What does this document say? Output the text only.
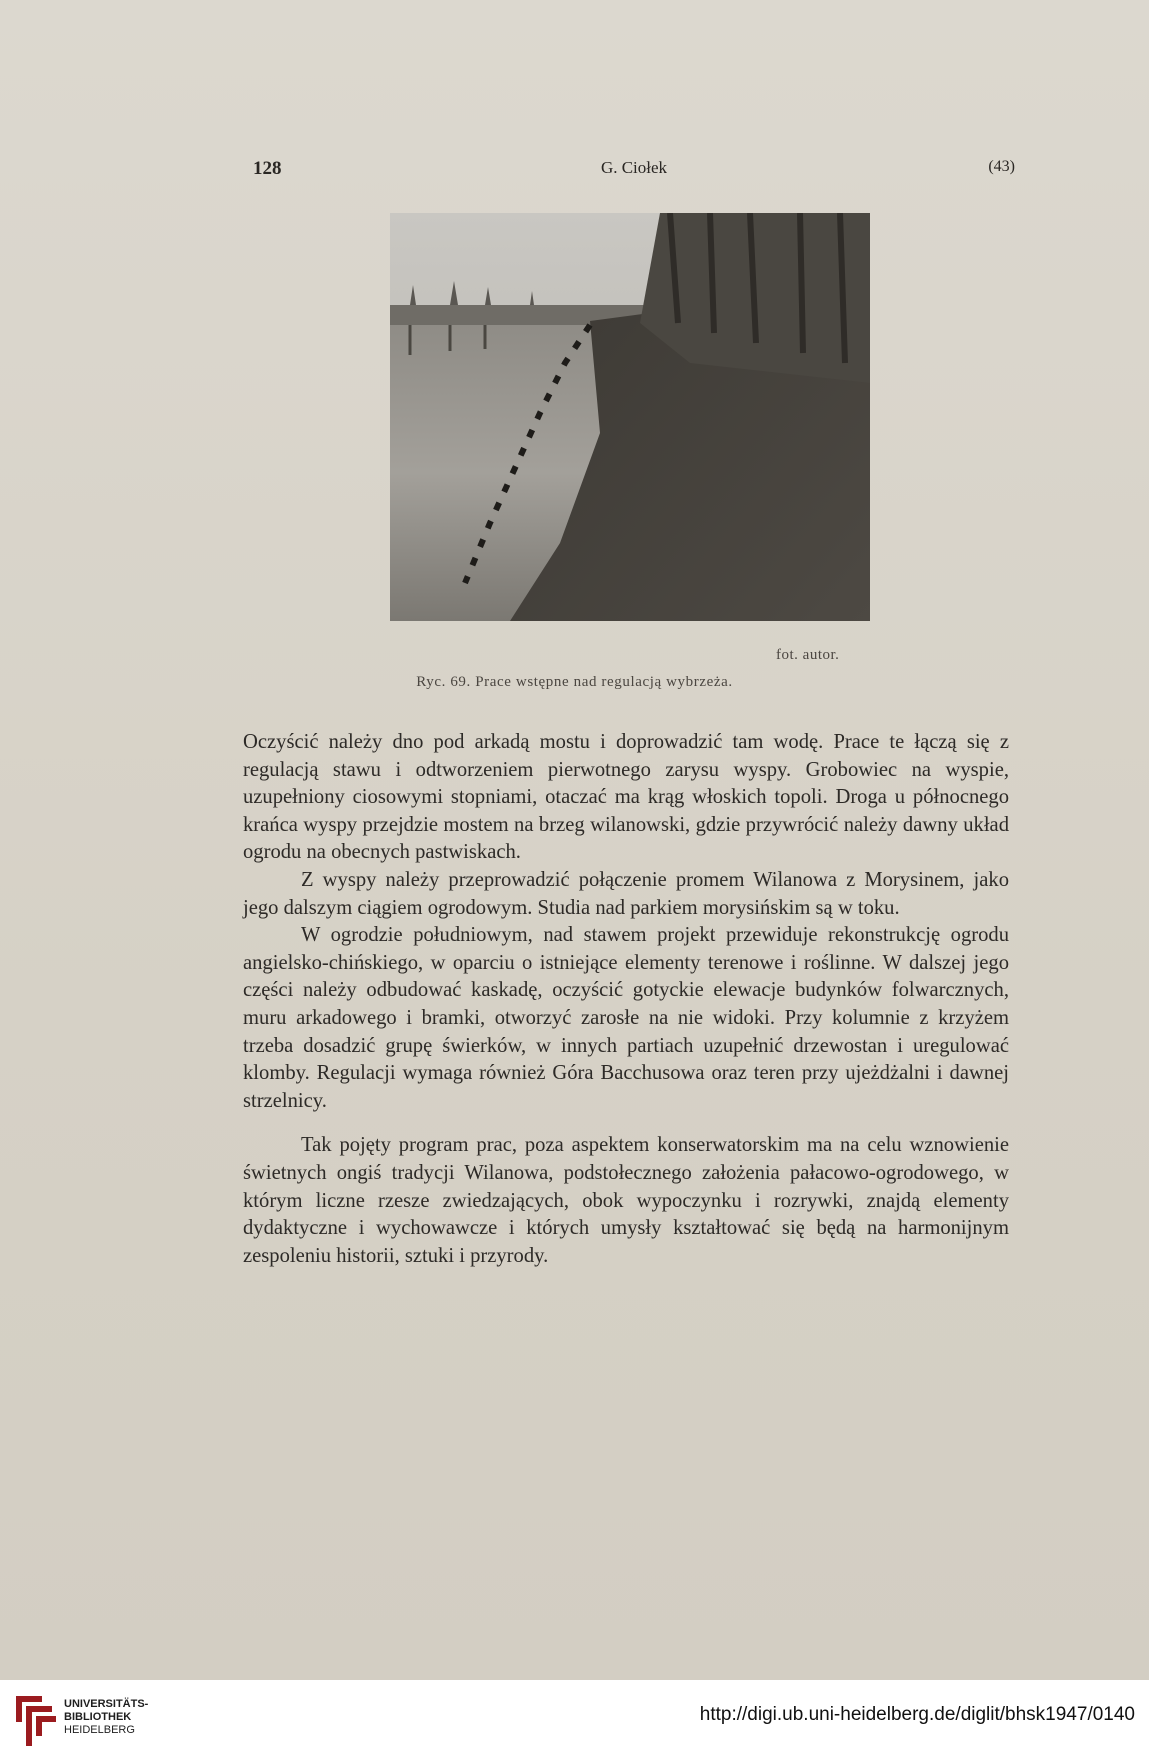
128	G. Ciołek	(43)
fot. autor.
Ryc. 69. Prace wstępne nad regulacją wybrzeża.

Oczyścić należy dno pod arkadą mostu i doprowadzić tam wodę. Prace te łączą się z regulacją stawu i odtworzeniem pierwotnego zarysu wyspy. Grobowiec na wyspie, uzupełniony ciosowymi stopniami, otaczać ma krąg włoskich topoli. Droga u północnego krańca wyspy przejdzie mostem na brzeg wilanowski, gdzie przywrócić należy dawny układ ogrodu na obecnych pastwiskach.

Z wyspy należy przeprowadzić połączenie promem Wilanowa z Morysinem, jako jego dalszym ciągiem ogrodowym. Studia nad parkiem morysińskim są w toku.

W ogrodzie południowym, nad stawem projekt przewiduje rekonstrukcję ogrodu angielsko-chińskiego, w oparciu o istniejące elementy terenowe i roślinne. W dalszej jego części należy odbudować kaskadę, oczyścić gotyckie elewacje budynków folwarcznych, muru arkadowego i bramki, otworzyć zarosłe na nie widoki. Przy kolumnie z krzyżem trzeba dosadzić grupę świerków, w innych partiach uzupełnić drzewostan i uregulować klomby. Regulacji wymaga również Góra Bacchusowa oraz teren przy ujeżdżalni i dawnej strzelnicy.

Tak pojęty program prac, poza aspektem konserwatorskim ma na celu wznowienie świetnych ongiś tradycji Wilanowa, podstołecznego założenia pałacowo-ogrodowego, w którym liczne rzesze zwiedzających, obok wypoczynku i rozrywki, znajdą elementy dydaktyczne i wychowawcze i których umysły kształtować się będą na harmonijnym zespoleniu historii, sztuki i przyrody.

UNIVERSITÄTS-
BIBLIOTHEK
HEIDELBERG
http://digi.ub.uni-heidelberg.de/diglit/bhsk1947/0140
